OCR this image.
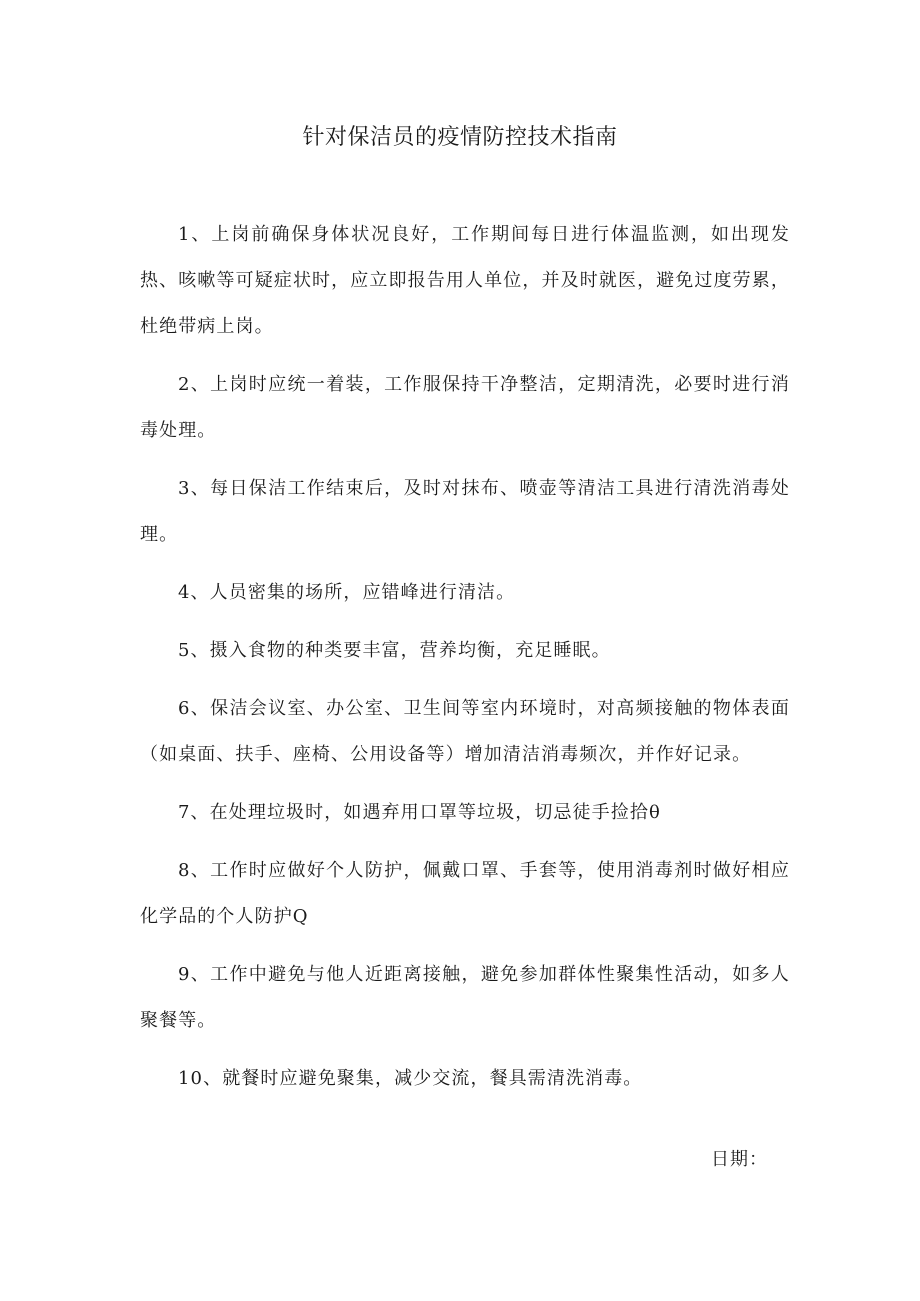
针对保洁员的疫情防控技术指南

1、上岗前确保身体状况良好，工作期间每日进行体温监测，如出现发热、咳嗽等可疑症状时，应立即报告用人单位，并及时就医，避免过度劳累，杜绝带病上岗。

2、上岗时应统一着装，工作服保持干净整洁，定期清洗，必要时进行消毒处理。

3、每日保洁工作结束后，及时对抹布、喷壶等清洁工具进行清洗消毒处理。

4、人员密集的场所，应错峰进行清洁。

5、摄入食物的种类要丰富，营养均衡，充足睡眠。

6、保洁会议室、办公室、卫生间等室内环境时，对高频接触的物体表面（如桌面、扶手、座椅、公用设备等）增加清洁消毒频次，并作好记录。

7、在处理垃圾时，如遇弃用口罩等垃圾，切忌徒手捡拾θ

8、工作时应做好个人防护，佩戴口罩、手套等，使用消毒剂时做好相应化学品的个人防护Q

9、工作中避免与他人近距离接触，避免参加群体性聚集性活动，如多人聚餐等。

10、就餐时应避免聚集，减少交流，餐具需清洗消毒。

日期：
